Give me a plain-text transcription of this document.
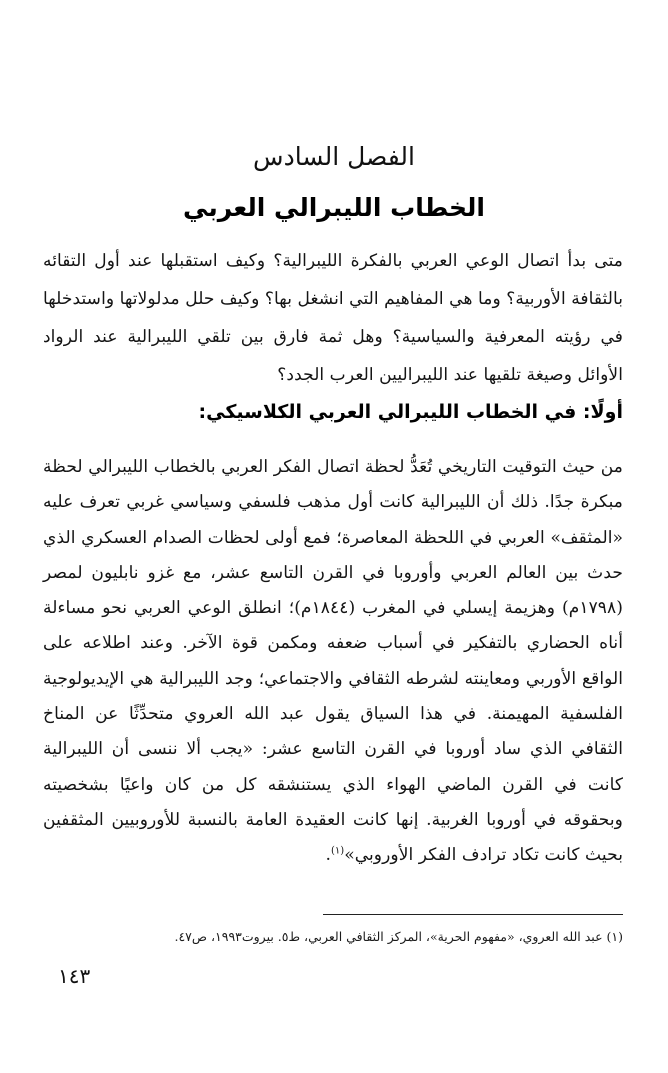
الفصل السادس
الخطاب الليبرالي العربي

متى بدأ اتصال الوعي العربي بالفكرة الليبرالية؟ وكيف استقبلها عند أول التقائه بالثقافة الأوربية؟ وما هي المفاهيم التي انشغل بها؟ وكيف حلل مدلولاتها واستدخلها في رؤيته المعرفية والسياسية؟ وهل ثمة فارق بين تلقي الليبرالية عند الرواد الأوائل وصيغة تلقيها عند الليبراليين العرب الجدد؟

أولًا: في الخطاب الليبرالي العربي الكلاسيكي:

من حيث التوقيت التاريخي تُعَدُّ لحظة اتصال الفكر العربي بالخطاب الليبرالي لحظة مبكرة جدًا. ذلك أن الليبرالية كانت أول مذهب فلسفي وسياسي غربي تعرف عليه «المثقف» العربي في اللحظة المعاصرة؛ فمع أولى لحظات الصدام العسكري الذي حدث بين العالم العربي وأوروبا في القرن التاسع عشر، مع غزو نابليون لمصر (١٧٩٨م) وهزيمة إيسلي في المغرب (١٨٤٤م)؛ انطلق الوعي العربي نحو مساءلة أناه الحضاري بالتفكير في أسباب ضعفه ومكمن قوة الآخر. وعند اطلاعه على الواقع الأوربي ومعاينته لشرطه الثقافي والاجتماعي؛ وجد الليبرالية هي الإيديولوجية الفلسفية المهيمنة. في هذا السياق يقول عبد الله العروي متحدِّثًا عن المناخ الثقافي الذي ساد أوروبا في القرن التاسع عشر: «يجب ألا ننسى أن الليبرالية كانت في القرن الماضي الهواء الذي يستنشقه كل من كان واعيًا بشخصيته وبحقوقه في أوروبا الغربية. إنها كانت العقيدة العامة بالنسبة للأوروبيين المثقفين بحيث كانت تكاد ترادف الفكر الأوروبي»$^{(١)}$.

(١) عبد الله العروي، «مفهوم الحرية»، المركز الثقافي العربي، ط٥. بيروت١٩٩٣، ص٤٧.
١٤٣
